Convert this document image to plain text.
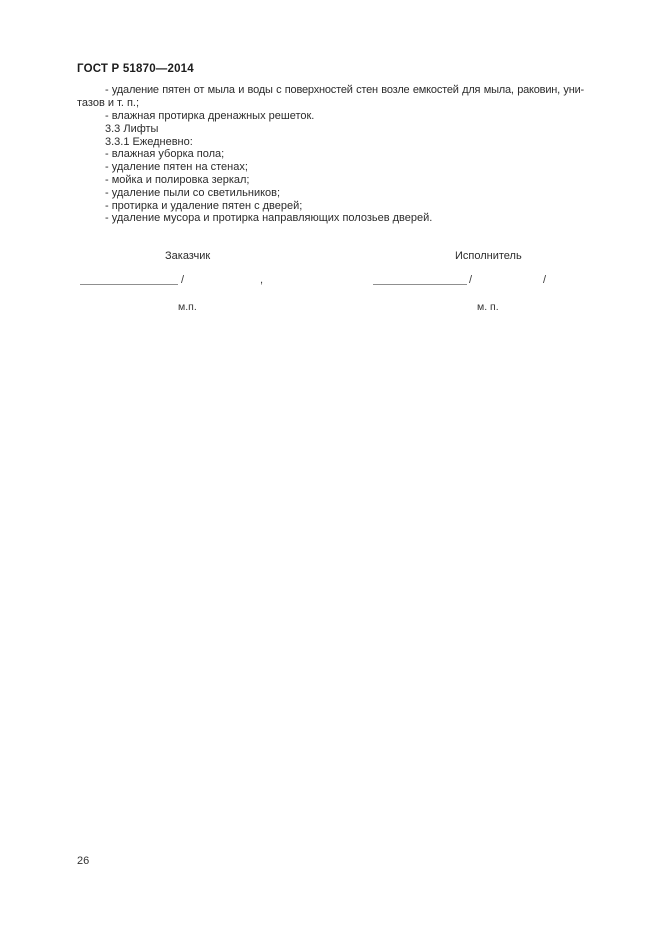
ГОСТ Р 51870—2014
- удаление пятен от мыла и воды с поверхностей стен возле емкостей для мыла, раковин, уни-
тазов и т. п.;
- влажная протирка дренажных решеток.
3.3 Лифты
3.3.1 Ежедневно:
- влажная уборка пола;
- удаление пятен на стенах;
- мойка и полировка зеркал;
- удаление пыли со светильников;
- протирка и удаление пятен с дверей;
- удаление мусора и протирка направляющих полозьев дверей.
Заказчик	Исполнитель
/	,	/	/
м.п.	м. п.
26
